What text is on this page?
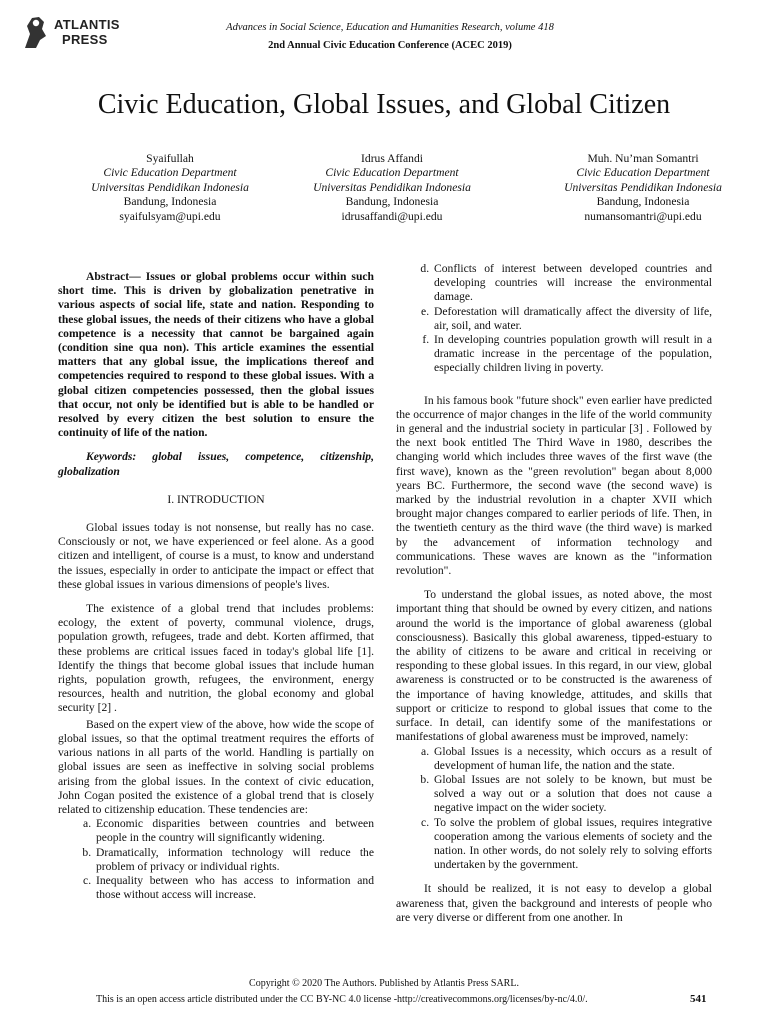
ATLANTIS
PRESS
Advances in Social Science, Education and Humanities Research, volume 418
2nd Annual Civic Education Conference (ACEC 2019)
Civic Education, Global Issues, and Global Citizen
Syaifullah
Civic Education Department
Universitas Pendidikan Indonesia
Bandung, Indonesia
syaifulsyam@upi.edu
Idrus Affandi
Civic Education Department
Universitas Pendidikan Indonesia
Bandung, Indonesia
idrusaffandi@upi.edu
Muh. Nu’man Somantri
Civic Education Department
Universitas Pendidikan Indonesia
Bandung, Indonesia
numansomantri@upi.edu

Abstract— Issues or global problems occur within such short time. This is driven by globalization penetrative in various aspects of social life, state and nation. Responding to these global issues, the needs of their citizens who have a global competence is a necessity that cannot be bargained again (condition sine qua non). This article examines the essential matters that any global issue, the implications thereof and competencies required to respond to these global issues. With a global citizen competencies possessed, then the global issues that occur, not only be identified but is able to be handled or resolved by every citizen the best solution to ensure the continuity of life of the nation.

Keywords: global issues, competence, citizenship, globalization

I. INTRODUCTION

Global issues today is not nonsense, but really has no case. Consciously or not, we have experienced or feel alone. As a good citizen and intelligent, of course is a must, to know and understand the issues, especially in order to anticipate the impact or effect that these global issues in various dimensions of people's lives.

The existence of a global trend that includes problems: ecology, the extent of poverty, communal violence, drugs, population growth, refugees, trade and debt. Korten affirmed, that these problems are critical issues faced in today's global life [1]. Identify the things that become global issues that include human rights, population growth, refugees, the environment, energy resources, health and nutrition, the global economy and global security [2] .

Based on the expert view of the above, how wide the scope of global issues, so that the optimal treatment requires the efforts of various nations in all parts of the world. Handling is partially on global issues are seen as ineffective in solving social problems arising from the global issues. In the context of civic education, John Cogan posited the existence of a global trend that is closely related to citizenship education. These tendencies are:

a. Economic disparities between countries and between people in the country will significantly widening.
b. Dramatically, information technology will reduce the problem of privacy or individual rights.
c. Inequality between who has access to information and those without access will increase.
d. Conflicts of interest between developed countries and developing countries will increase the environmental damage.
e. Deforestation will dramatically affect the diversity of life, air, soil, and water.
f. In developing countries population growth will result in a dramatic increase in the percentage of the population, especially children living in poverty.

In his famous book "future shock" even earlier have predicted the occurrence of major changes in the life of the world community in general and the industrial society in particular [3] . Followed by the next book entitled The Third Wave in 1980, describes the changing world which includes three waves of the first wave (the first wave), known as the "green revolution" began about 8,000 years BC. Furthermore, the second wave (the second wave) is marked by the industrial revolution in a chapter XVII which brought major changes compared to earlier periods of life. Then, in the twentieth century as the third wave (the third wave) is marked by the advancement of information technology and communications. These waves are known as the "information revolution".

To understand the global issues, as noted above, the most important thing that should be owned by every citizen, and nations around the world is the importance of global awareness (global consciousness). Basically this global awareness, tipped-estuary to the ability of citizens to be aware and critical in receiving or responding to these global issues. In this regard, in our view, global awareness is constructed or to be constructed is the awareness of the importance of having knowledge, attitudes, and skills that support or criticize to respond to global issues that come to the surface. In detail, can identify some of the manifestations or manifestations of global awareness must be improved, namely:

a. Global Issues is a necessity, which occurs as a result of development of human life, the nation and the state.
b. Global Issues are not solely to be known, but must be solved a way out or a solution that does not cause a negative impact on the wider society.
c. To solve the problem of global issues, requires integrative cooperation among the various elements of society and the nation. In other words, do not solely rely to solving efforts undertaken by the government.

It should be realized, it is not easy to develop a global awareness that, given the background and interests of people who are very diverse or different from one another. In

Copyright © 2020 The Authors. Published by Atlantis Press SARL.
This is an open access article distributed under the CC BY-NC 4.0 license -http://creativecommons.org/licenses/by-nc/4.0/.	541
